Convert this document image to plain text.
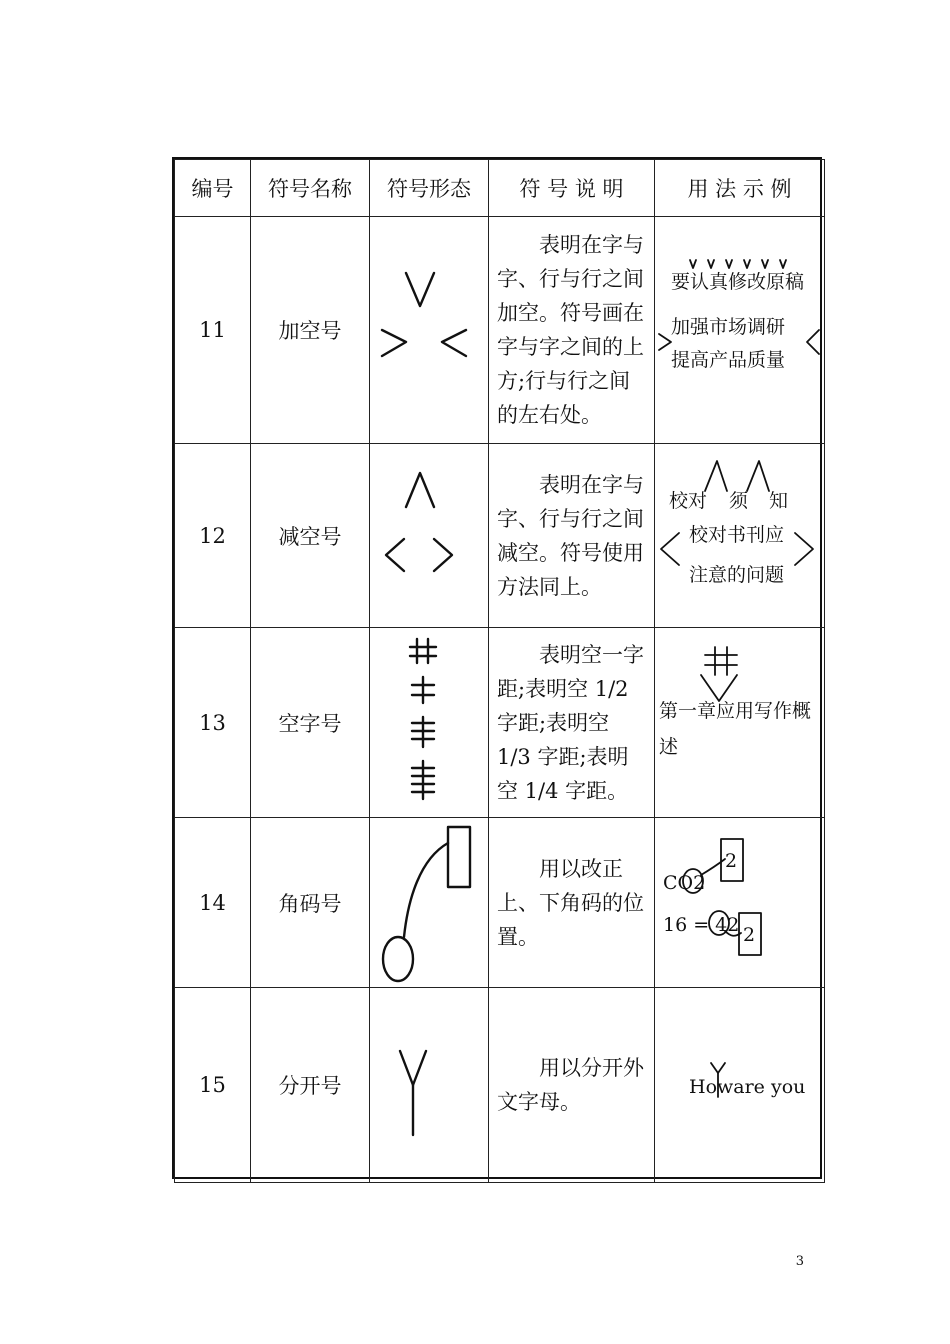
编号	符号名称	符号形态	符 号 说 明	用 法 示 例
11	加空号		表明在字与字、行与行之间加空。符号画在字与字之间的上方;行与行之间的左右处。	要认真修改原稿
加强市场调研
提高产品质量

12	减空号		表明在字与字、行与行之间减空。符号使用方法同上。	校对 须 知
校对书刊应
注意的问题

13	空字号		表明空一字距;表明空 1/2 字距;表明空 1/3 字距;表明空 1/4 字距。	第一章应用写作概
述

14	角码号		用以改正上、下角码的位置。	CO2
2
16 = 42 2

15	分开号		用以分开外文字母。	Howare you
3
